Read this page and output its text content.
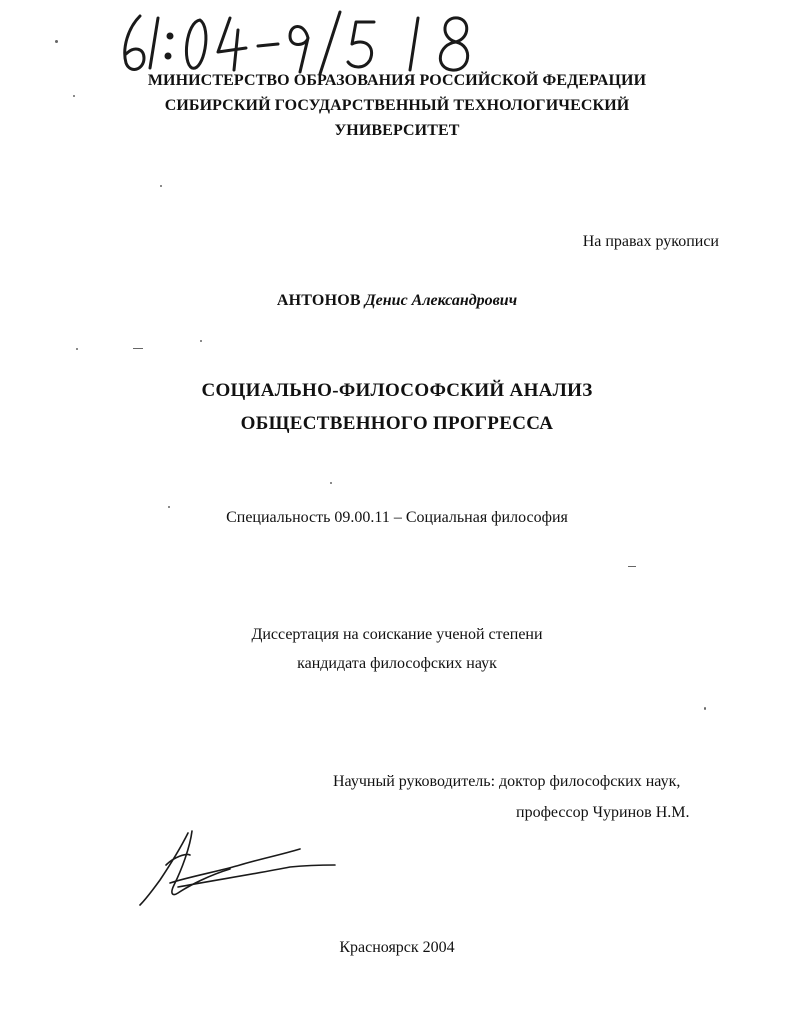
МИНИСТЕРСТВО ОБРАЗОВАНИЯ РОССИЙСКОЙ ФЕДЕРАЦИИ
СИБИРСКИЙ ГОСУДАРСТВЕННЫЙ ТЕХНОЛОГИЧЕСКИЙ
УНИВЕРСИТЕТ
На правах рукописи
АНТОНОВ Денис Александрович
СОЦИАЛЬНО-ФИЛОСОФСКИЙ АНАЛИЗ
ОБЩЕСТВЕННОГО ПРОГРЕССА
Специальность 09.00.11 – Социальная философия
Диссертация на соискание ученой степени
кандидата философских наук
Научный руководитель: доктор философских наук,
профессор Чуринов Н.М.
Красноярск 2004
